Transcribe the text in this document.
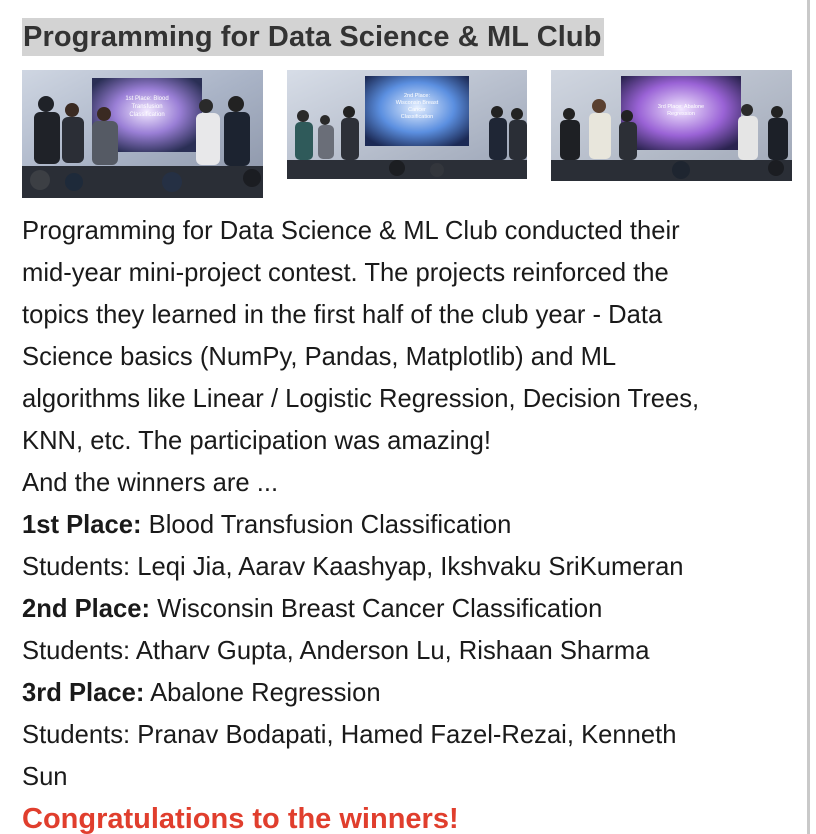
Programming for Data Science & ML Club
1st Place: Blood
Transfusion
Classification
2nd Place:
Wisconsin Breast
Cancer
Classification
3rd Place: Abalone
Regression
Programming for Data Science & ML Club conducted their
mid-year mini-project contest. The projects reinforced the
topics they learned in the first half of the club year - Data
Science basics (NumPy, Pandas, Matplotlib) and ML
algorithms like Linear / Logistic Regression, Decision Trees,
KNN, etc. The participation was amazing!
And the winners are ...
1st Place: Blood Transfusion Classification
Students: Leqi Jia, Aarav Kaashyap, Ikshvaku SriKumeran
2nd Place: Wisconsin Breast Cancer Classification
Students: Atharv Gupta, Anderson Lu, Rishaan Sharma
3rd Place: Abalone Regression
Students: Pranav Bodapati, Hamed Fazel-Rezai, Kenneth
Sun
Congratulations to the winners!
